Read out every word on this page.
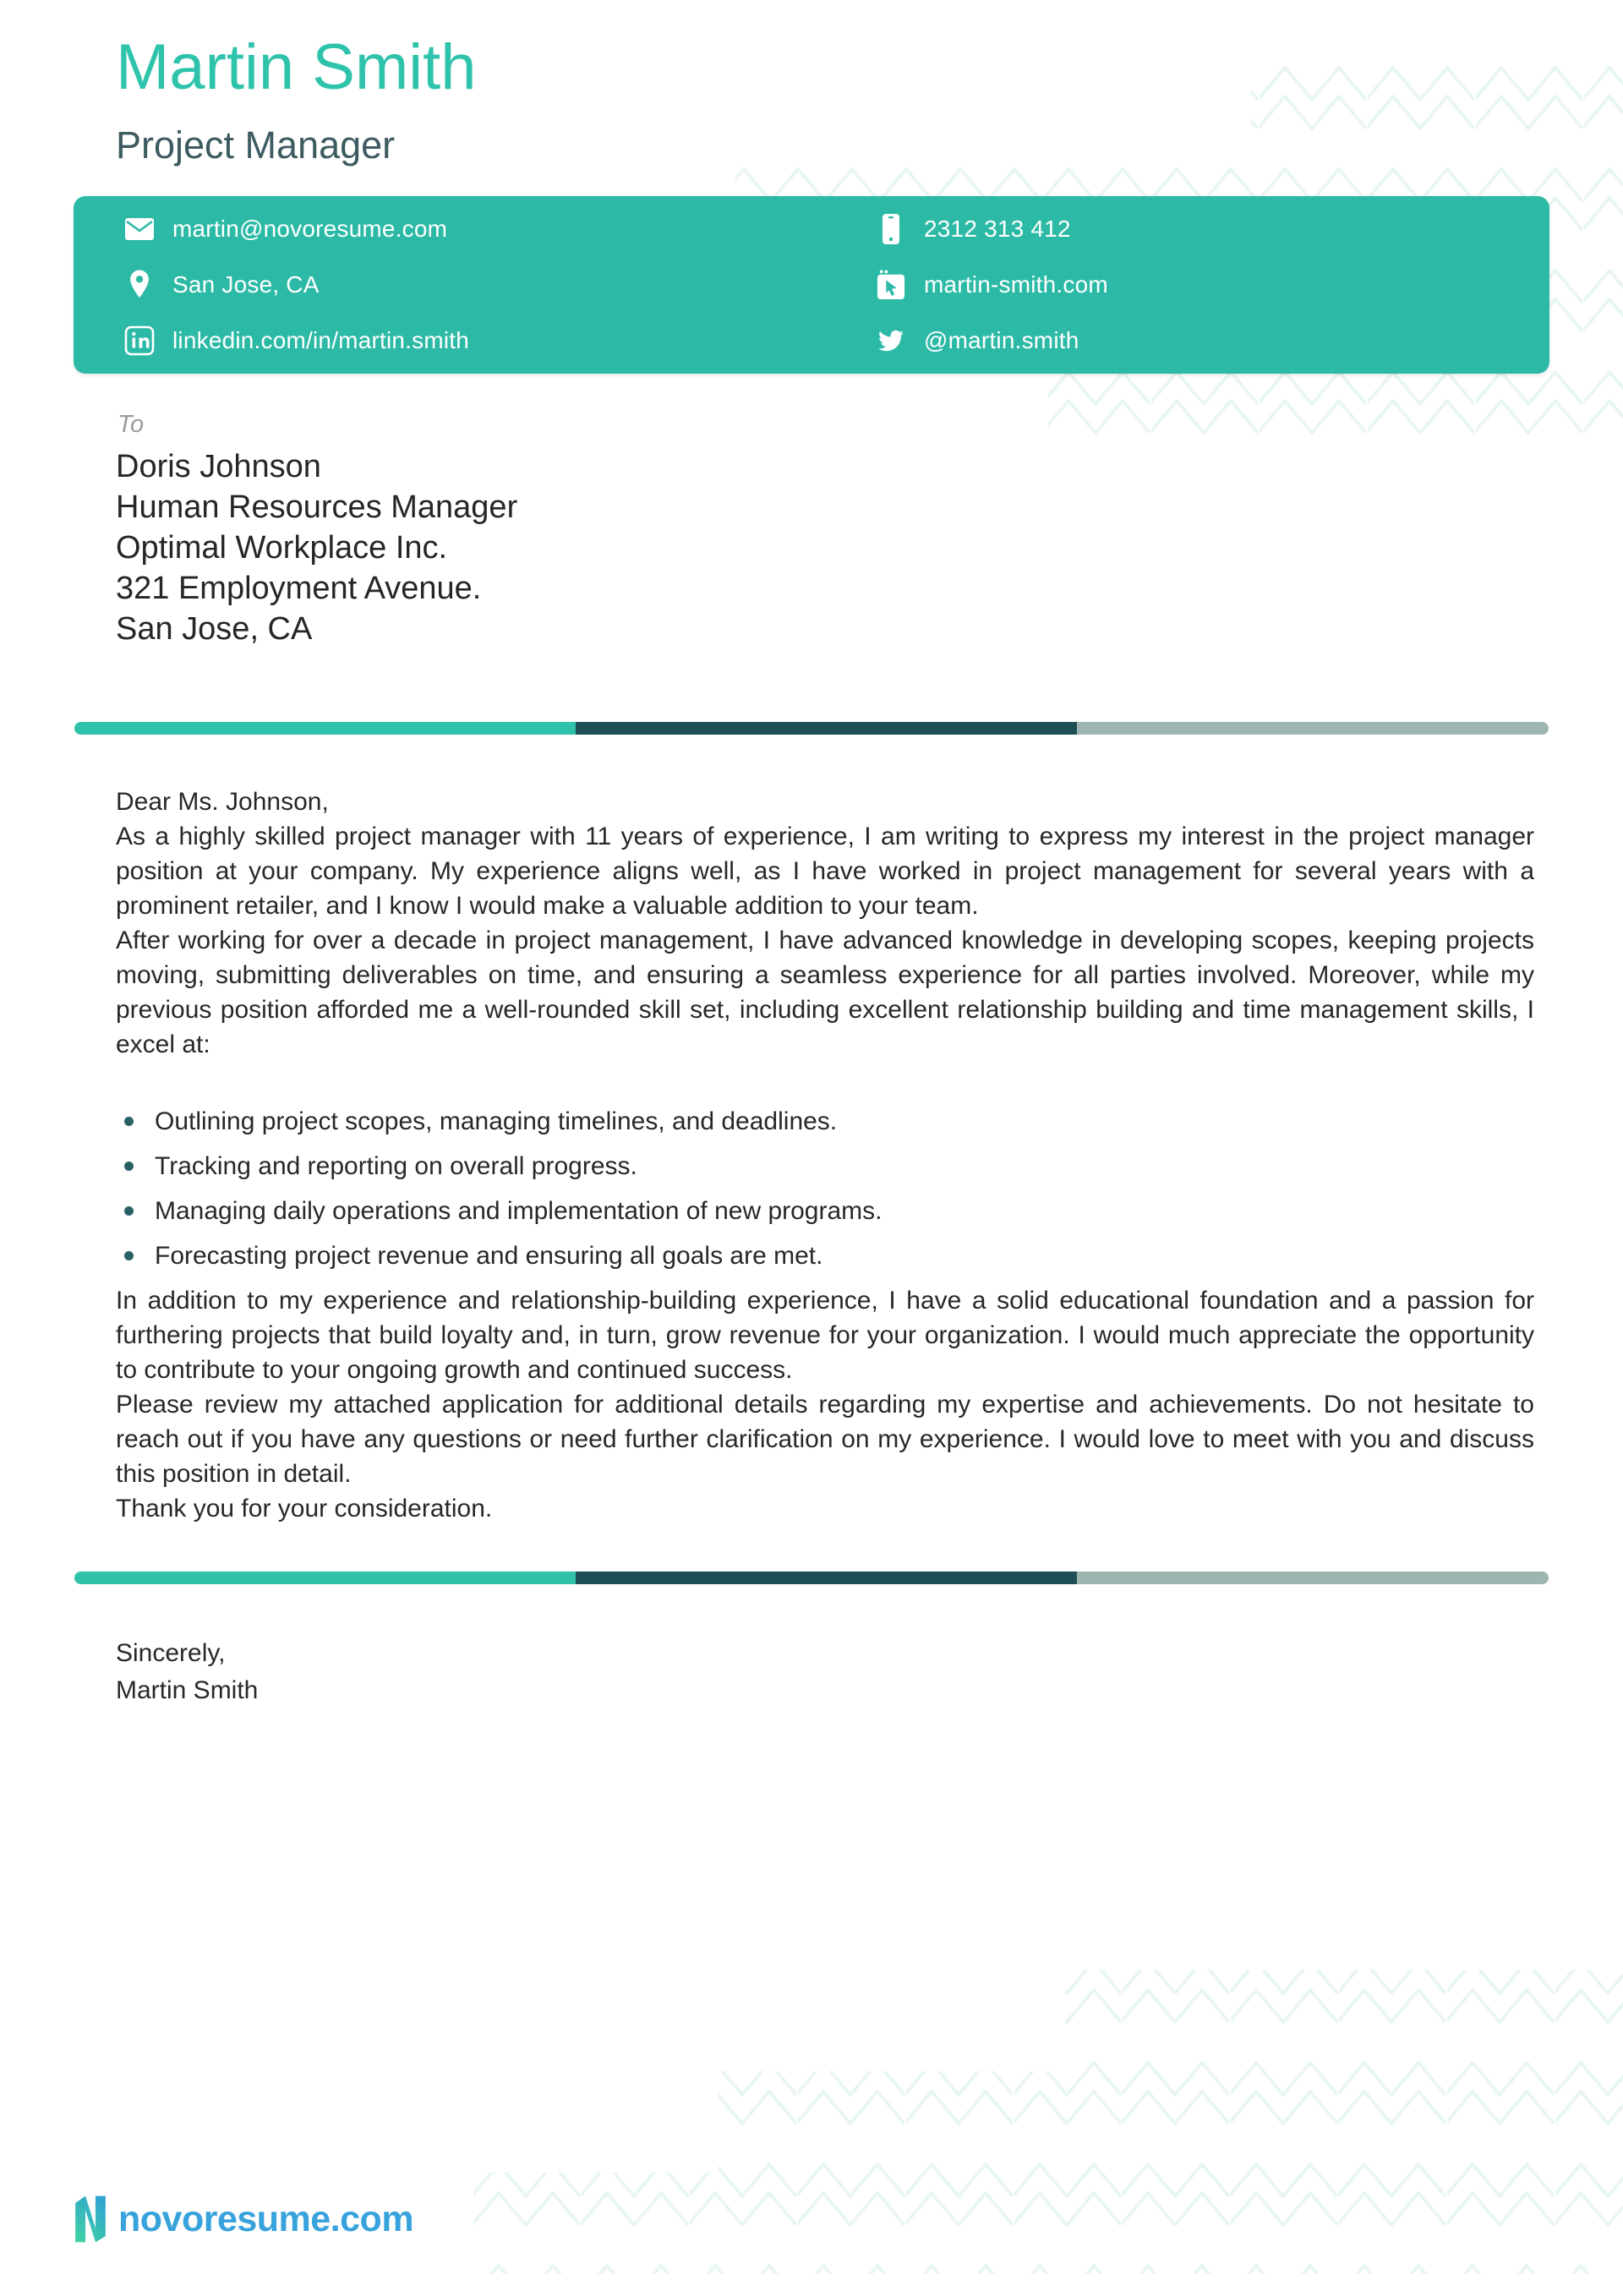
Martin Smith
Project Manager
martin@novoresume.com	2312 313 412
San Jose, CA	martin-smith.com
linkedin.com/in/martin.smith	@martin.smith
To
Doris Johnson
Human Resources Manager
Optimal Workplace Inc.
321 Employment Avenue.
San Jose, CA

Dear Ms. Johnson,

As a highly skilled project manager with 11 years of experience, I am writing to express my interest in the project manager position at your company. My experience aligns well, as I have worked in project management for several years with a prominent retailer, and I know I would make a valuable addition to your team.

After working for over a decade in project management, I have advanced knowledge in developing scopes, keeping projects moving, submitting deliverables on time, and ensuring a seamless experience for all parties involved. Moreover, while my previous position afforded me a well-rounded skill set, including excellent relationship building and time management skills, I excel at:

Outlining project scopes, managing timelines, and deadlines.
Tracking and reporting on overall progress.
Managing daily operations and implementation of new programs.
Forecasting project revenue and ensuring all goals are met.

In addition to my experience and relationship-building experience, I have a solid educational foundation and a passion for furthering projects that build loyalty and, in turn, grow revenue for your organization. I would much appreciate the opportunity to contribute to your ongoing growth and continued success.

Please review my attached application for additional details regarding my expertise and achievements. Do not hesitate to reach out if you have any questions or need further clarification on my experience. I would love to meet with you and discuss this position in detail.

Thank you for your consideration.

Sincerely,
Martin Smith
novoresume.com
